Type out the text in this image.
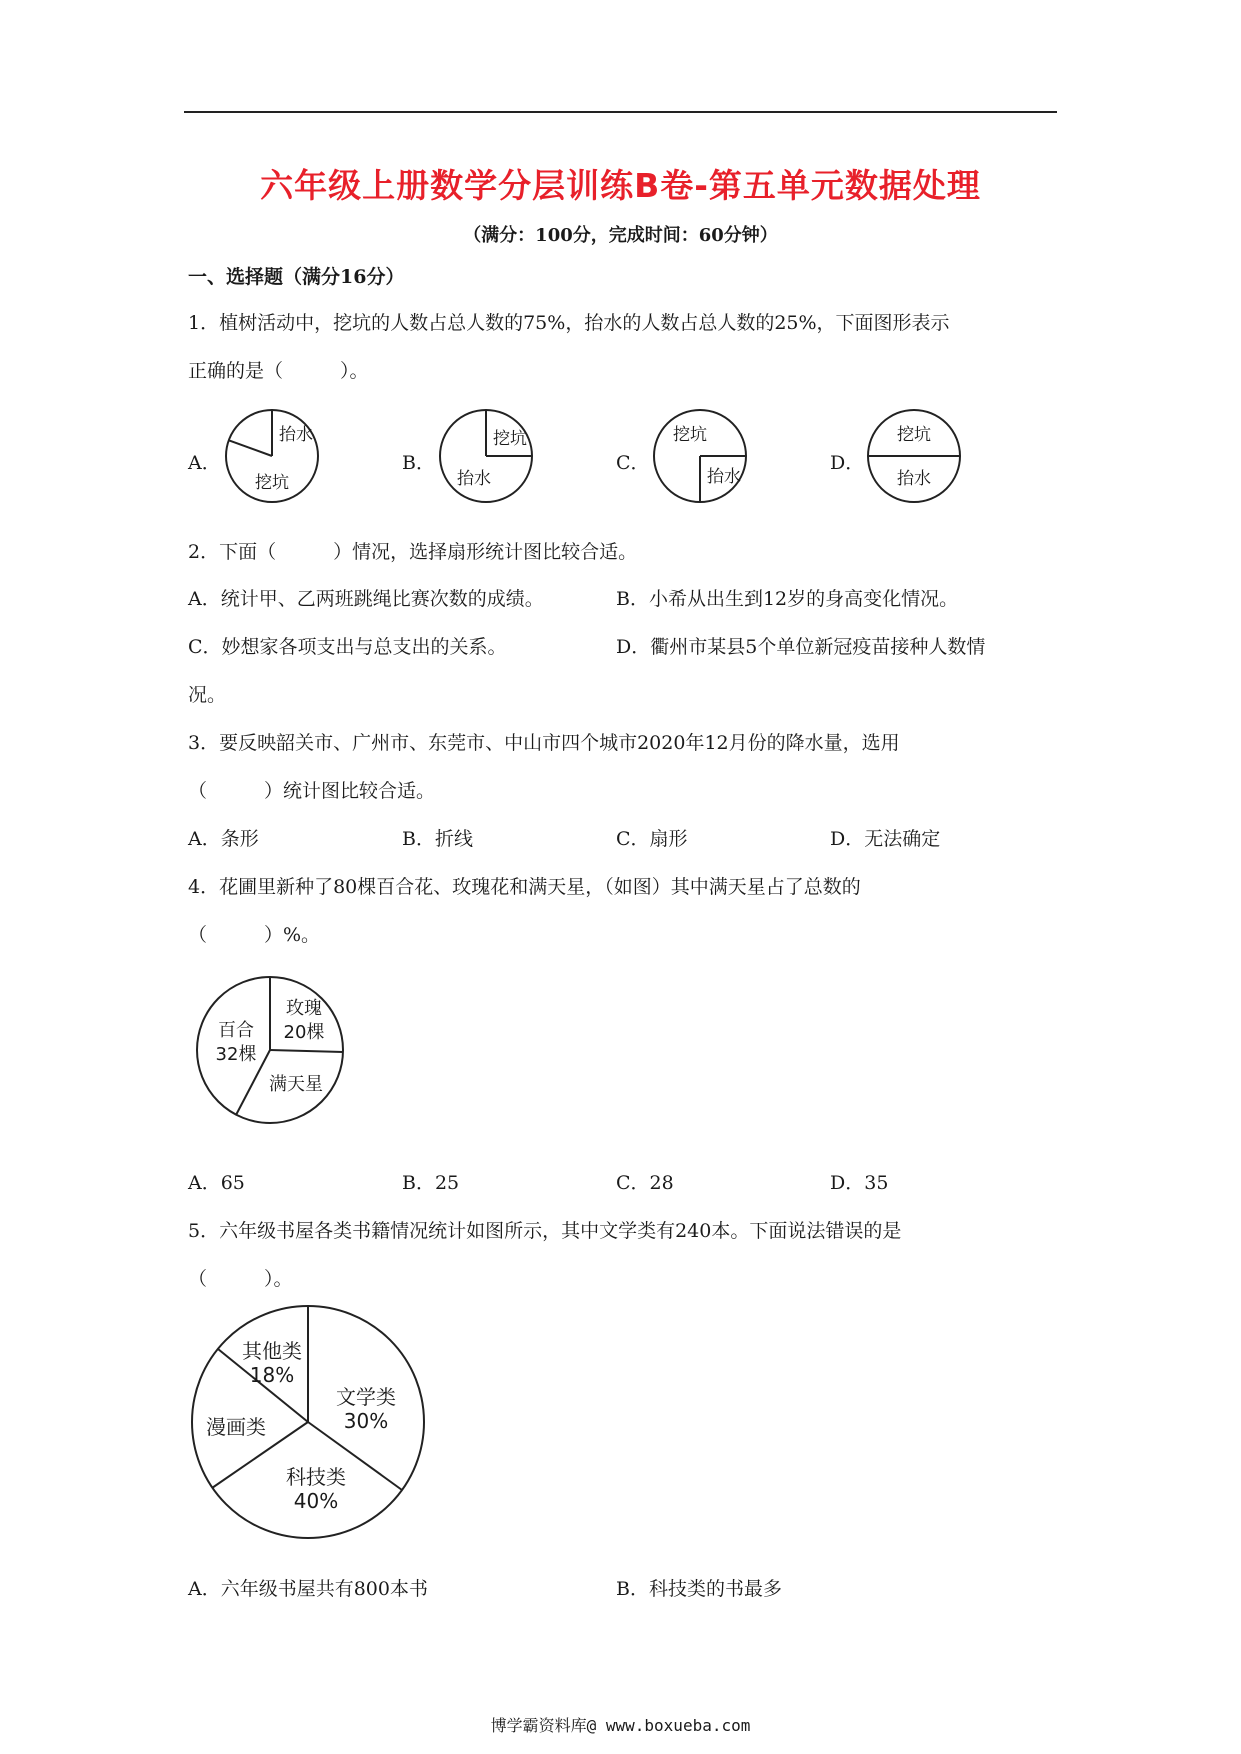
六年级上册数学分层训练B卷-第五单元数据处理
（满分：100分，完成时间：60分钟）
一、选择题（满分16分）
1．植树活动中，挖坑的人数占总人数的75%，抬水的人数占总人数的25%，下面图形表示
正确的是（　　　）。
A．
抬水
挖坑
B．
挖坑
抬水
C．
挖坑
抬水
D．
挖坑
抬水
2．下面（　　　）情况，选择扇形统计图比较合适。
A．统计甲、乙两班跳绳比赛次数的成绩。	B．小希从出生到12岁的身高变化情况。
C．妙想家各项支出与总支出的关系。	D．衢州市某县5个单位新冠疫苗接种人数情
况。
3．要反映韶关市、广州市、东莞市、中山市四个城市2020年12月份的降水量，选用
（　　　）统计图比较合适。
A．条形	B．折线	C．扇形	D．无法确定
4．花圃里新种了80棵百合花、玫瑰花和满天星，（如图）其中满天星占了总数的
（　　　）%。
百合
32棵
玫瑰
20棵
满天星
A．65	B．25	C．28	D．35
5．六年级书屋各类书籍情况统计如图所示，其中文学类有240本。下面说法错误的是
（　　　）。
文学类
30%
科技类
40%
其他类
18%
漫画类
A．六年级书屋共有800本书	B．科技类的书最多
博学霸资料库@ www.boxueba.com
